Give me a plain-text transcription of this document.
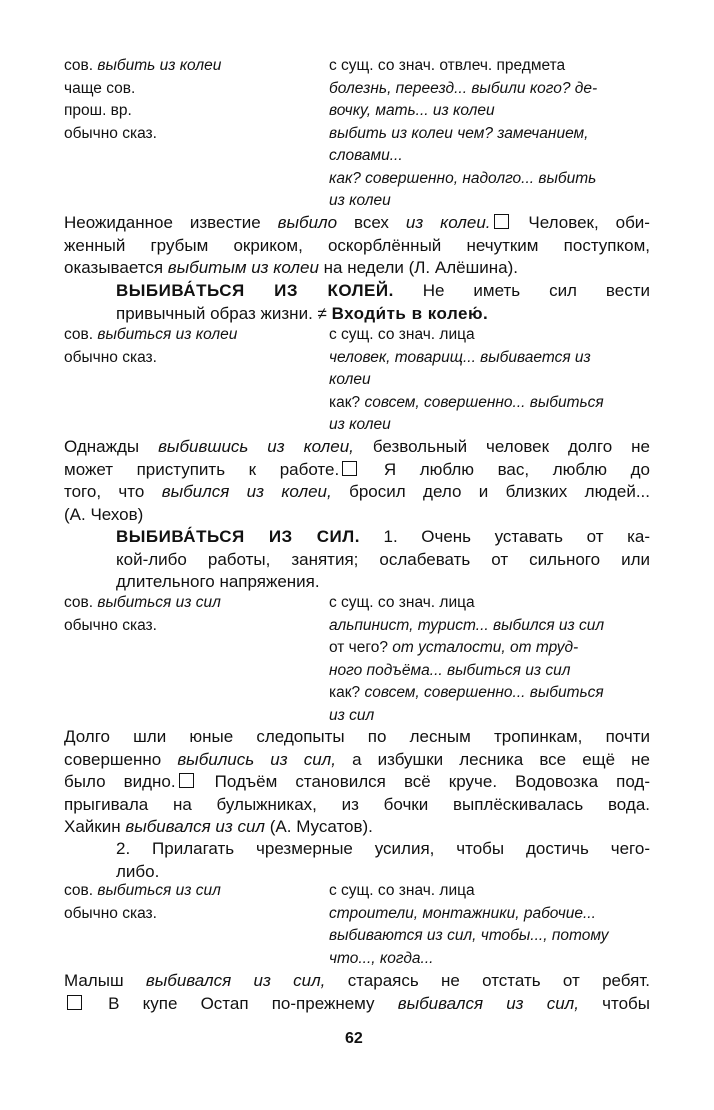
сов. выбить из колеи	с сущ. со знач. отвлеч. предмета
чаще сов.	болезнь, переезд... выбили кого? де-
прош. вр.	вочку, мать... из колеи
обычно сказ.	выбить из колеи чем? замечанием,
словами...
как? совершенно, надолго... выбить
из колеи
Неожиданное известие выбило всех из колеи. Человек, оби-
женный грубым окриком, оскорблённый нечутким поступком,
оказывается выбитым из колеи на недели (Л. Алёшина).
ВЫБИВА́ТЬСЯ ИЗ КОЛЕЙ. Не иметь сил вести
привычный образ жизни. ≠ Входи́ть в колею́.
сов. выбиться из колеи	с сущ. со знач. лица
обычно сказ.	человек, товарищ... выбивается из
колеи
как? совсем, совершенно... выбиться
из колеи
Однажды выбившись из колеи, безвольный человек долго не
может приступить к работе. Я люблю вас, люблю до
того, что выбился из колеи, бросил дело и близких людей...
(А. Чехов)
ВЫБИВА́ТЬСЯ ИЗ СИЛ. 1. Очень уставать от ка-
кой-либо работы, занятия; ослабевать от сильного или
длительного напряжения.
сов. выбиться из сил	с сущ. со знач. лица
обычно сказ.	альпинист, турист... выбился из сил
от чего? от усталости, от труд-
ного подъёма... выбиться из сил
как? совсем, совершенно... выбиться
из сил
Долго шли юные следопыты по лесным тропинкам, почти
совершенно выбились из сил, а избушки лесника все ещё не
было видно. Подъём становился всё круче. Водовозка под-
прыгивала на булыжниках, из бочки выплёскивалась вода.
Хайкин выбивался из сил (А. Мусатов).
2. Прилагать чрезмерные усилия, чтобы достичь чего-
либо.
сов. выбиться из сил	с сущ. со знач. лица
обычно сказ.	строители, монтажники, рабочие...
выбиваются из сил, чтобы..., потому
что..., когда...
Малыш выбивался из сил, стараясь не отстать от ребят.
В купе Остап по-прежнему выбивался из сил, чтобы
62
